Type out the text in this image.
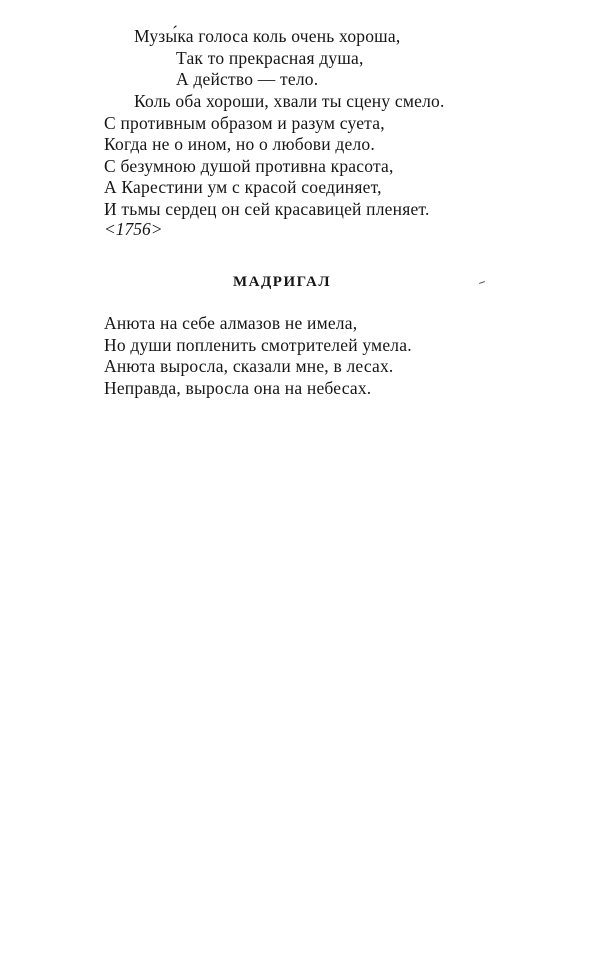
Музы́ка голоса коль очень хороша,
Так то прекрасная душа,
А действо — тело.
Коль оба хороши, хвали ты сцену смело.
С противным образом и разум суета,
Когда не о ином, но о любови дело.
С безумною душой противна красота,
А Карестини ум с красой соединяет,
И тьмы сердец он сей красавицей пленяет.
<1756>
МАДРИГАЛ
Анюта на себе алмазов не имела,
Но души попленить смотрителей умела.
Анюта выросла, сказали мне, в лесах.
Неправда, выросла она на небесах.
